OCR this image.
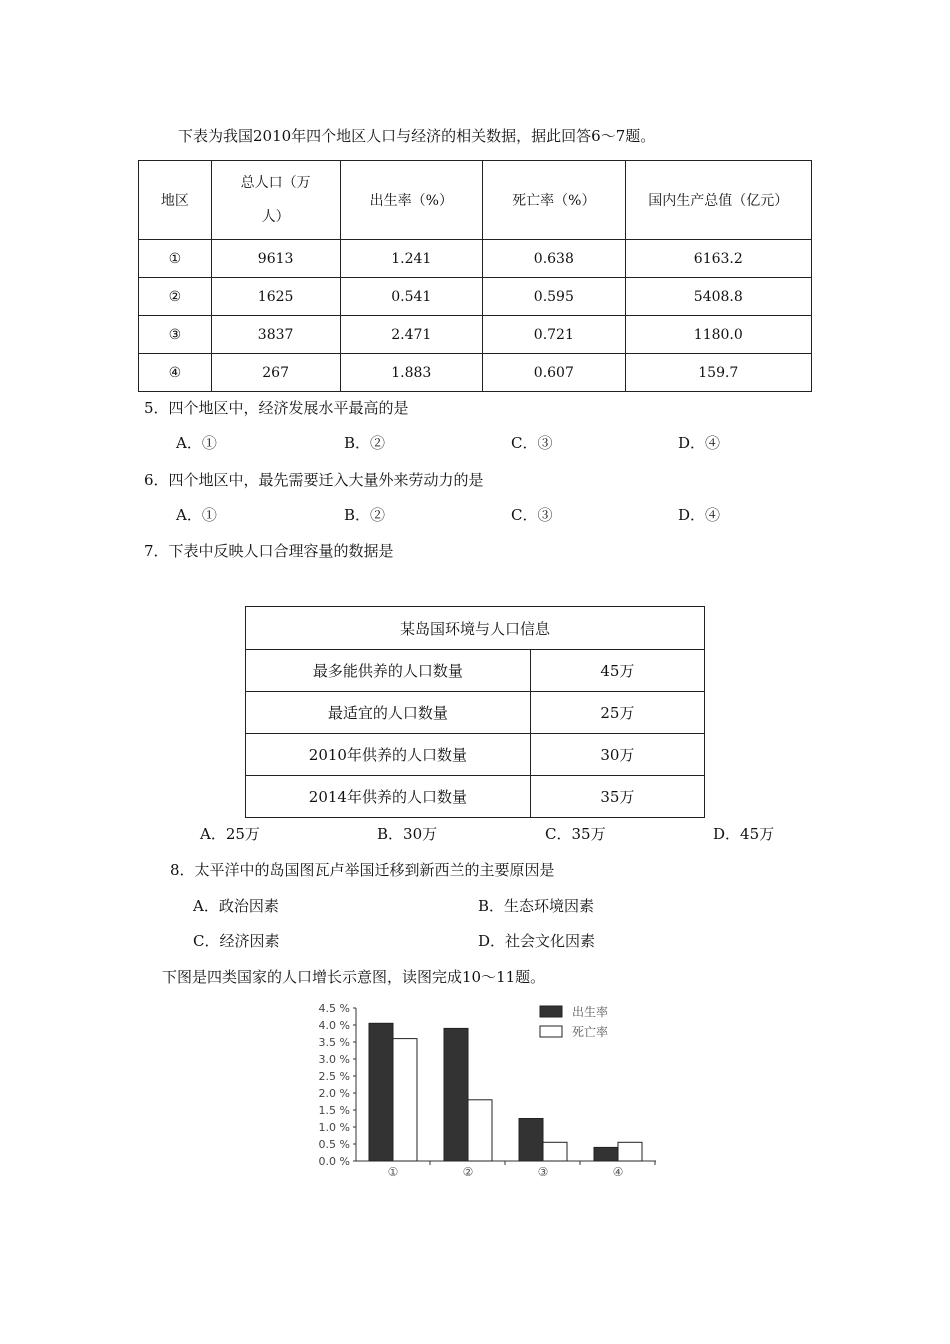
下表为我国2010年四个地区人口与经济的相关数据，据此回答6～7题。
地区	总人口（万人）	出生率（%）	死亡率（%）	国内生产总值（亿元）
①	9613	1.241	0.638	6163.2
②	1625	0.541	0.595	5408.8
③	3837	2.471	0.721	1180.0
④	267	1.883	0.607	159.7
5．四个地区中，经济发展水平最高的是
A．①	B．②	C．③	D．④
6．四个地区中，最先需要迁入大量外来劳动力的是
A．①	B．②	C．③	D．④
7．下表中反映人口合理容量的数据是
某岛国环境与人口信息	
最多能供养的人口数量	45万
最适宜的人口数量	25万
2010年供养的人口数量	30万
2014年供养的人口数量	35万
A．25万	B．30万	C．35万	D．45万
8．太平洋中的岛国图瓦卢举国迁移到新西兰的主要原因是
A．政治因素	B．生态环境因素
C．经济因素	D．社会文化因素
下图是四类国家的人口增长示意图，读图完成10～11题。
0.0 %
0.5 %
1.0 %
1.5 %
2.0 %
2.5 %
3.0 %
3.5 %
4.0 %
4.5 %
①	②	③	④
出生率
死亡率
